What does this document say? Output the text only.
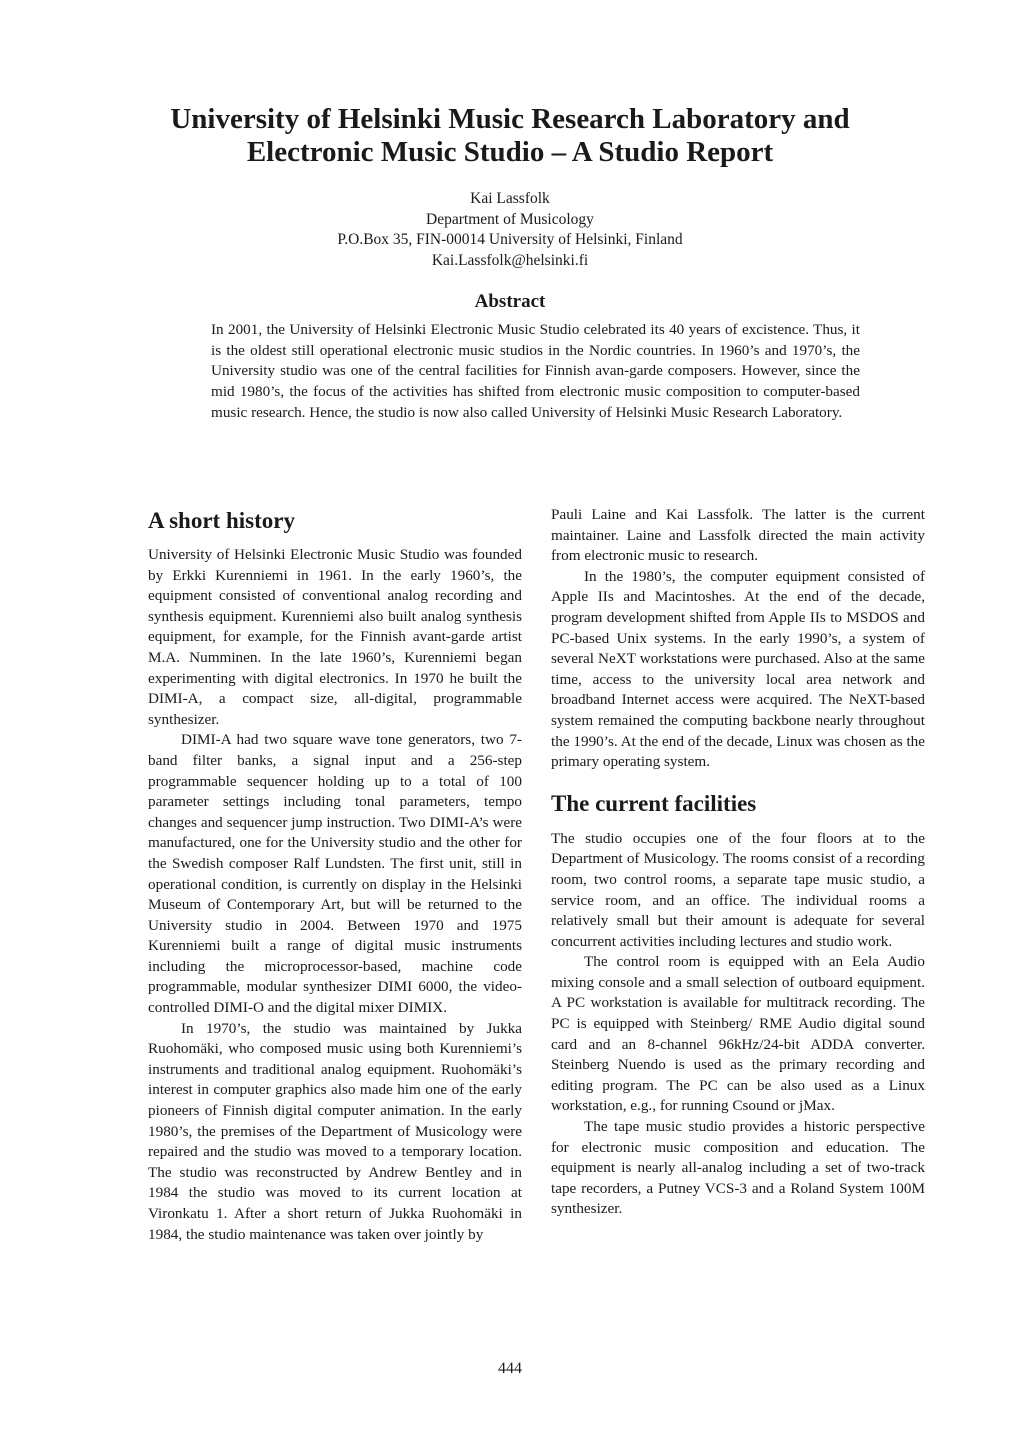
University of Helsinki Music Research Laboratory and
Electronic Music Studio – A Studio Report
Kai Lassfolk
Department of Musicology
P.O.Box 35, FIN-00014 University of Helsinki, Finland
Kai.Lassfolk@helsinki.fi
Abstract

In 2001, the University of Helsinki Electronic Music Studio celebrated its 40 years of excistence. Thus, it is the oldest still operational electronic music studios in the Nordic countries. In 1960’s and 1970’s, the University studio was one of the central facilities for Finnish avan-garde composers. However, since the mid 1980’s, the focus of the activities has shifted from electronic music composition to computer-based music research. Hence, the studio is now also called University of Helsinki Music Research Laboratory.

A short history

University of Helsinki Electronic Music Studio was founded by Erkki Kurenniemi in 1961. In the early 1960’s, the equipment consisted of conventional analog recording and synthesis equipment. Kurenniemi also built analog synthesis equipment, for example, for the Finnish avant-garde artist M.A. Numminen. In the late 1960’s, Kurenniemi began experimenting with digital electronics. In 1970 he built the DIMI-A, a compact size, all-digital, programmable synthesizer.

DIMI-A had two square wave tone generators, two 7-band filter banks, a signal input and a 256-step programmable sequencer holding up to a total of 100 parameter settings including tonal parameters, tempo changes and sequencer jump instruction. Two DIMI-A’s were manufactured, one for the University studio and the other for the Swedish composer Ralf Lundsten. The first unit, still in operational condition, is currently on display in the Helsinki Museum of Contemporary Art, but will be returned to the University studio in 2004. Between 1970 and 1975 Kurenniemi built a range of digital music instruments including the microprocessor-based, machine code programmable, modular synthesizer DIMI 6000, the video-controlled DIMI-O and the digital mixer DIMIX.

In 1970’s, the studio was maintained by Jukka Ruohomäki, who composed music using both Kurenniemi’s instruments and traditional analog equipment. Ruohomäki’s interest in computer graphics also made him one of the early pioneers of Finnish digital computer animation. In the early 1980’s, the premises of the Department of Musicology were repaired and the studio was moved to a temporary location. The studio was reconstructed by Andrew Bentley and in 1984 the studio was moved to its current location at Vironkatu 1. After a short return of Jukka Ruohomäki in 1984, the studio maintenance was taken over jointly by

Pauli Laine and Kai Lassfolk. The latter is the current maintainer. Laine and Lassfolk directed the main activity from electronic music to research.

In the 1980’s, the computer equipment consisted of Apple IIs and Macintoshes. At the end of the decade, program development shifted from Apple IIs to MSDOS and PC-based Unix systems. In the early 1990’s, a system of several NeXT workstations were purchased. Also at the same time, access to the university local area network and broadband Internet access were acquired. The NeXT-based system remained the computing backbone nearly throughout the 1990’s. At the end of the decade, Linux was chosen as the primary operating system.

The current facilities

The studio occupies one of the four floors at to the Department of Musicology. The rooms consist of a recording room, two control rooms, a separate tape music studio, a service room, and an office. The individual rooms a relatively small but their amount is adequate for several concurrent activities including lectures and studio work.

The control room is equipped with an Eela Audio mixing console and a small selection of outboard equipment. A PC workstation is available for multitrack recording. The PC is equipped with Steinberg/ RME Audio digital sound card and an 8-channel 96kHz/24-bit ADDA converter. Steinberg Nuendo is used as the primary recording and editing program. The PC can be also used as a Linux workstation, e.g., for running Csound or jMax.

The tape music studio provides a historic perspective for electronic music composition and education. The equipment is nearly all-analog including a set of two-track tape recorders, a Putney VCS-3 and a Roland System 100M synthesizer.

444
